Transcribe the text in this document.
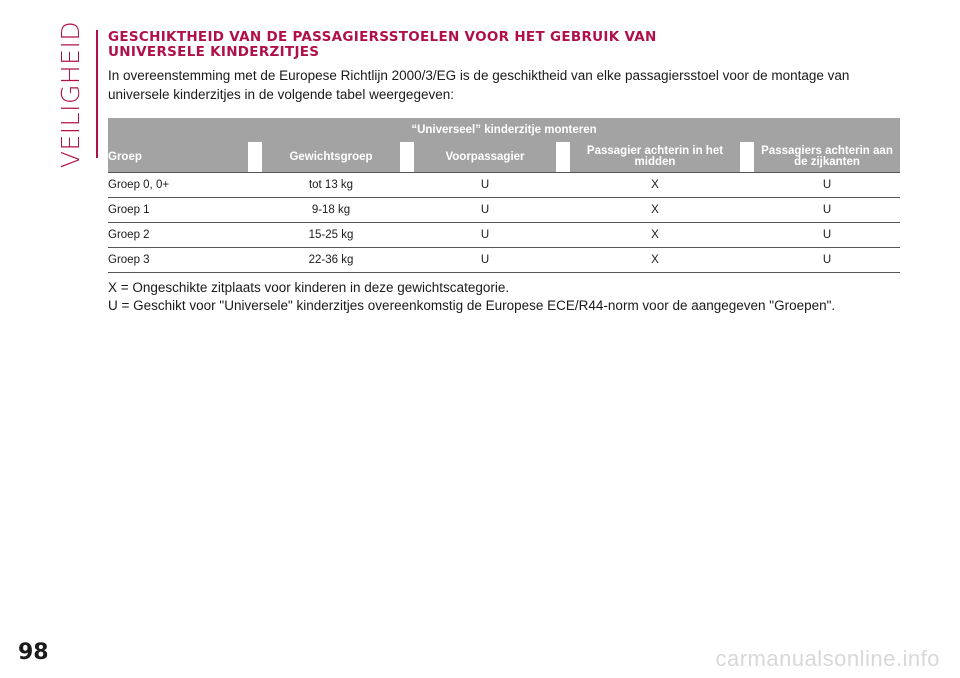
VEILIGHEID GESCHIKTHEID VAN DE PASSAGIERSSTOELEN VOOR HET GEBRUIK VAN
UNIVERSELE KINDERZITJES

In overeenstemming met de Europese Richtlijn 2000/3/EG is de geschiktheid van elke passagiersstoel voor de montage van universele kinderzitjes in de volgende tabel weergegeven:

“Universeel” kinderzitje monteren								
Groep		Gewichtsgroep		Voorpassagier		Passagier achterin in het midden		Passagiers achterin aan de zijkanten
Groep 0, 0+		tot 13 kg		U		X		U
Groep 1		9-18 kg		U		X		U
Groep 2		15-25 kg		U		X		U
Groep 3		22-36 kg		U		X		U
X = Ongeschikte zitplaats voor kinderen in deze gewichtscategorie.
U = Geschikt voor "Universele" kinderzitjes overeenkomstig de Europese ECE/R44-norm voor de aangegeven "Groepen".
98	carmanualsonline.info
